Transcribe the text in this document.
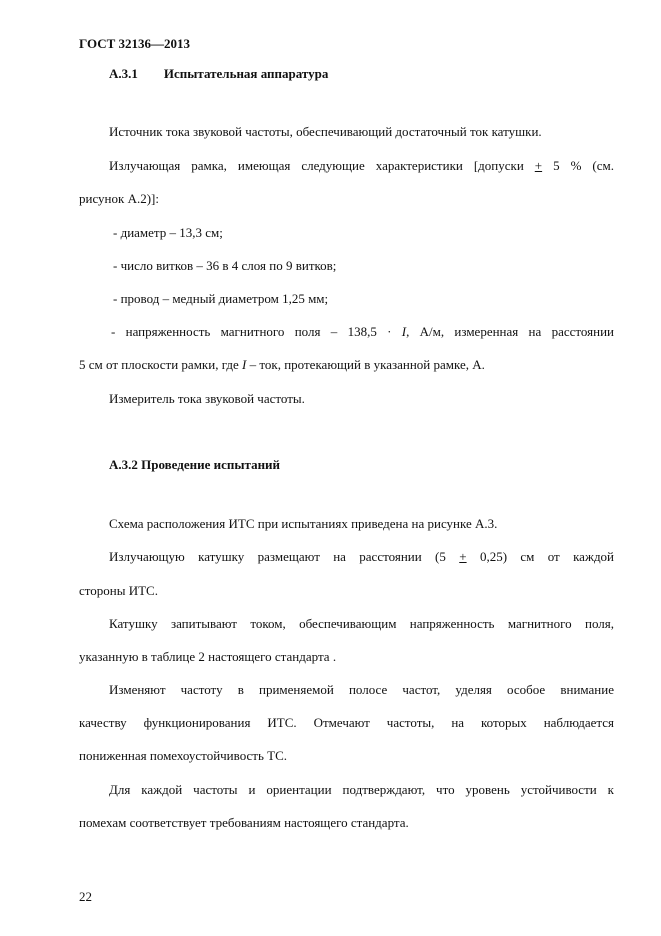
ГОСТ 32136—2013
А.3.1 Испытательная аппаратура
Источник тока звуковой частоты, обеспечивающий достаточный ток катушки.
Излучающая рамка, имеющая следующие характеристики [допуски + 5 % (см.
рисунок А.2)]:
- диаметр – 13,3 см;
- число витков – 36 в 4 слоя по 9 витков;
- провод – медный диаметром 1,25 мм;
- напряженность магнитного поля – 138,5 · I, А/м, измеренная на расстоянии
5 см от плоскости рамки, где I – ток, протекающий в указанной рамке, А.
Измеритель тока звуковой частоты.
А.3.2 Проведение испытаний
Схема расположения ИТС при испытаниях приведена на рисунке А.3.
Излучающую катушку размещают на расстоянии (5 + 0,25) см от каждой
стороны ИТС.
Катушку запитывают током, обеспечивающим напряженность магнитного поля,
указанную в таблице 2 настоящего стандарта .
Изменяют частоту в применяемой полосе частот, уделяя особое внимание
качеству функционирования ИТС. Отмечают частоты, на которых наблюдается
пониженная помехоустойчивость ТС.
Для каждой частоты и ориентации подтверждают, что уровень устойчивости к
помехам соответствует требованиям настоящего стандарта.
22
